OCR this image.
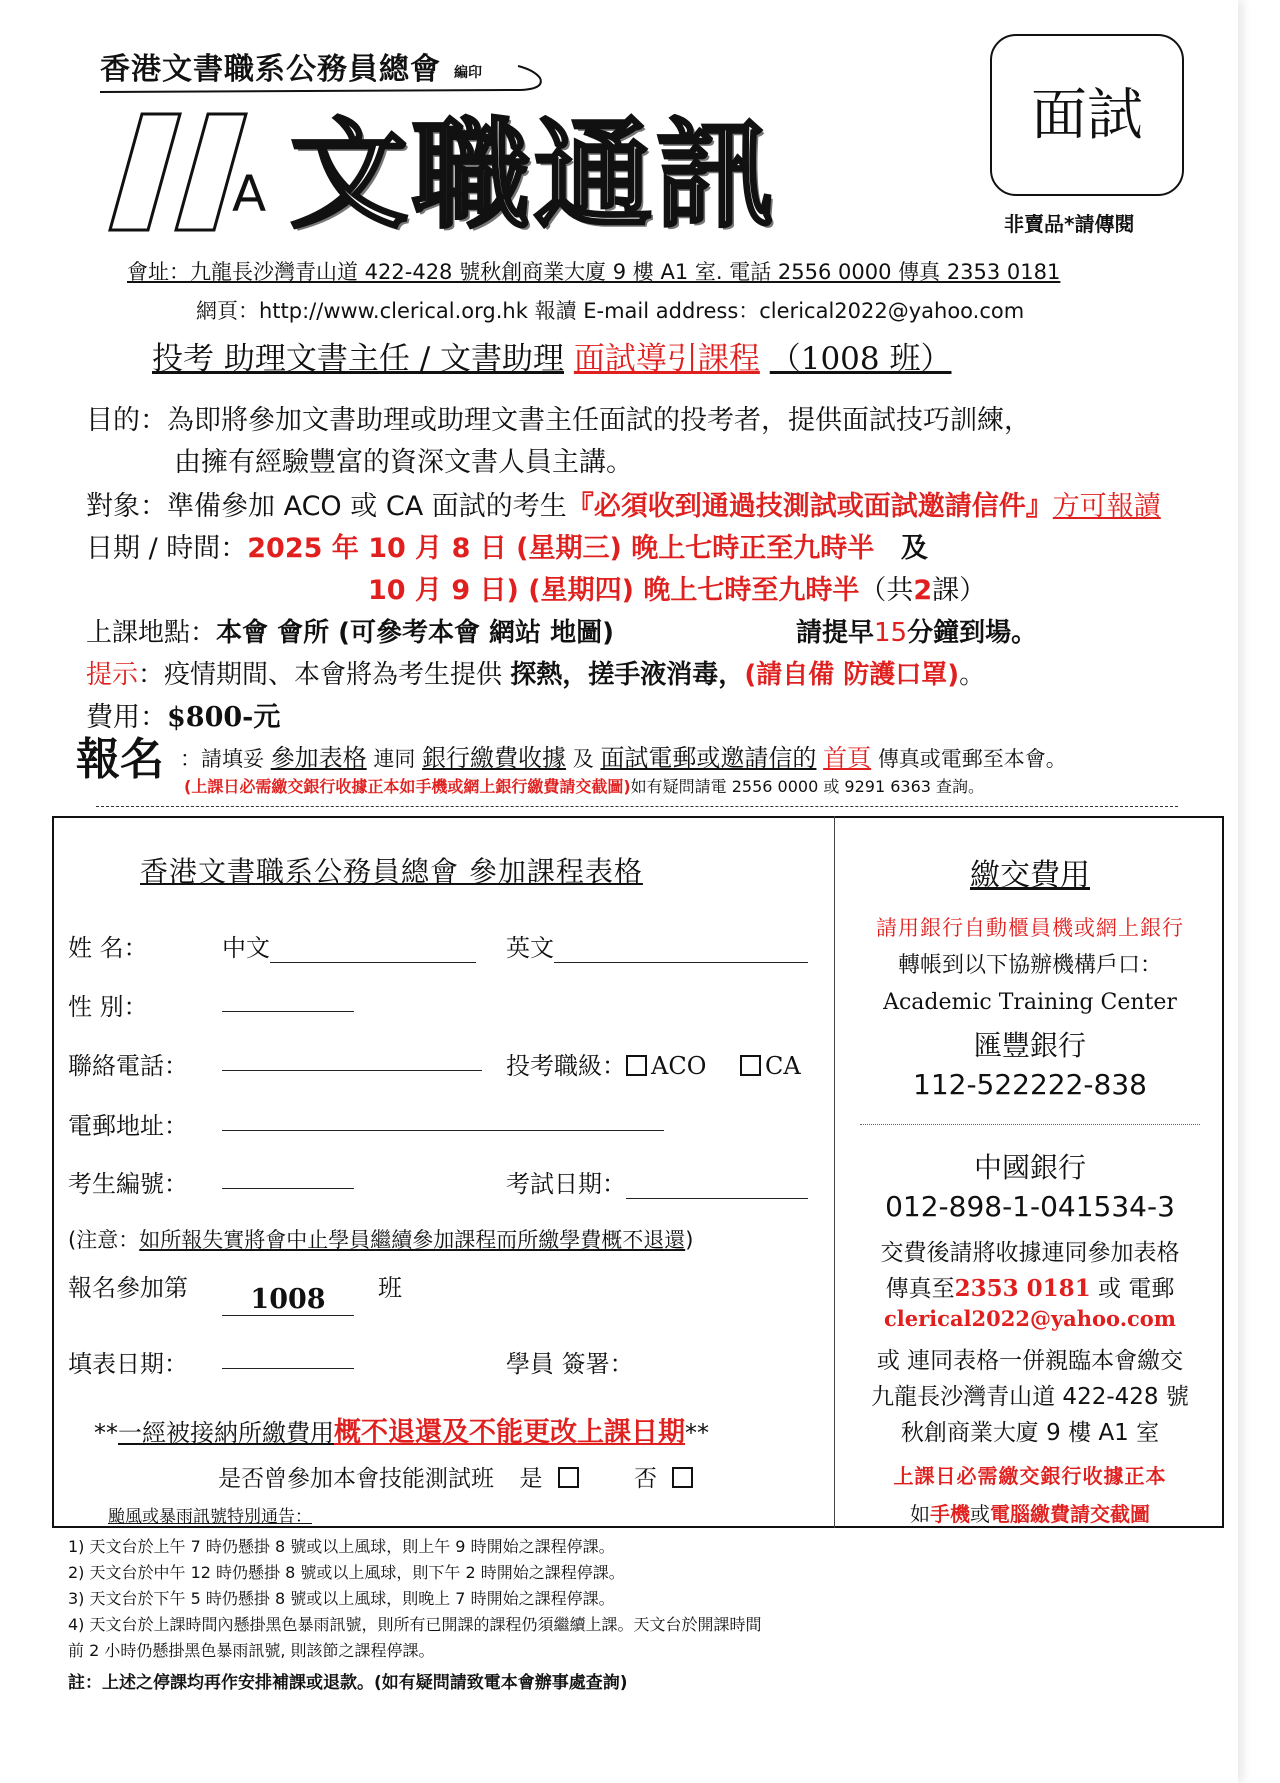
香港文書職系公務員總會 編印
A 文職通訊	面試
非賣品*請傳閱
會址：九龍長沙灣青山道 422-428 號秋創商業大廈 9 樓 A1 室. 電話 2556 0000 傳真 2353 0181
網頁：http://www.clerical.org.hk 報讀 E-mail address：clerical2022@yahoo.com
投考 助理文書主任 / 文書助理 面試導引課程 （1008 班）
目的：為即將參加文書助理或助理文書主任面試的投考者，提供面試技巧訓練，
由擁有經驗豐富的資深文書人員主講。
對象：準備參加 ACO 或 CA 面試的考生『必須收到通過技測試或面試邀請信件』方可報讀
日期 / 時間：2025 年 10 月 8 日 (星期三) 晚上七時正至九時半 及
10 月 9 日) (星期四) 晚上七時至九時半（共2課）
上課地點：本會 會所 (可參考本會 網站 地圖)	請提早15分鐘到場。
提示：疫情期間、本會將為考生提供 探熱，搓手液消毒，(請自備 防護口罩)。
費用：$800-元
報名 ：請填妥 參加表格 連同 銀行繳費收據 及 面試電郵或邀請信的 首頁 傳真或電郵至本會。
(上課日必需繳交銀行收據正本如手機或網上銀行繳費請交截圖)如有疑問請電 2556 0000 或 9291 6363 查詢。
香港文書職系公務員總會 參加課程表格
姓 名：	中文	英文
性 別：
聯絡電話：	投考職級： ACO CA
電郵地址：
考生編號：	考試日期：
(注意：如所報失實將會中止學員繼續參加課程而所繳學費概不退還)
報名參加第	1008	班
填表日期：	學員 簽署：
**一經被接納所繳費用概不退還及不能更改上課日期**
是否曾參加本會技能測試班 是	否
颱風或暴雨訊號特別通告：
繳交費用
請用銀行自動櫃員機或網上銀行
轉帳到以下協辦機構戶口：
Academic Training Center
匯豐銀行
112-522222-838
中國銀行
012-898-1-041534-3
交費後請將收據連同參加表格
傳真至2353 0181 或 電郵
clerical2022@yahoo.com
或 連同表格一併親臨本會繳交
九龍長沙灣青山道 422-428 號
秋創商業大廈 9 樓 A1 室
上課日必需繳交銀行收據正本
如手機或電腦繳費請交截圖
1) 天文台於上午 7 時仍懸掛 8 號或以上風球，則上午 9 時開始之課程停課。
2) 天文台於中午 12 時仍懸掛 8 號或以上風球，則下午 2 時開始之課程停課。
3) 天文台於下午 5 時仍懸掛 8 號或以上風球，則晚上 7 時開始之課程停課。
4) 天文台於上課時間內懸掛黑色暴雨訊號，則所有已開課的課程仍須繼續上課。天文台於開課時間
前 2 小時仍懸掛黑色暴雨訊號, 則該節之課程停課。
註：上述之停課均再作安排補課或退款。(如有疑問請致電本會辦事處查詢)
